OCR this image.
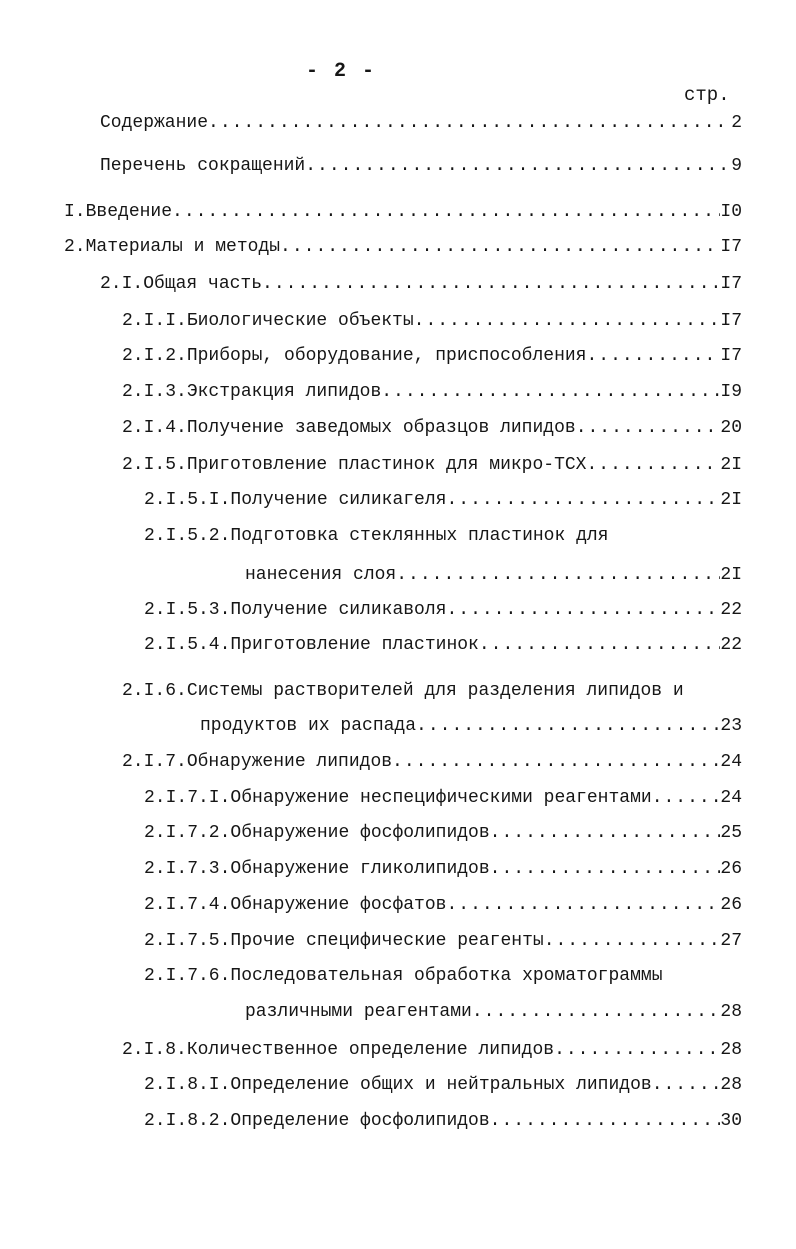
- 2 -
стр.
Содержание .....	2
Перечень сокращений .....	9
I. Введение .....	I0
2. Материалы и методы .....	I7
2.I. Общая часть .....	I7
2.I.I. Биологические объекты .....	I7
2.I.2. Приборы, оборудование, приспособления .....	I7
2.I.3. Экстракция липидов .....	I9
2.I.4. Получение заведомых образцов липидов .....	20
2.I.5. Приготовление пластинок для микро-ТСХ .....	2I
2.I.5.I. Получение силикагеля .....	2I
2.I.5.2. Подготовка стеклянных пластинок для
нанесения слоя .....	2I
2.I.5.3. Получение силикаволя .....	22
2.I.5.4. Приготовление пластинок .....	22
2.I.6. Системы растворителей для разделения липидов и
продуктов их распада .....	23
2.I.7. Обнаружение липидов .....	24
2.I.7.I. Обнаружение неспецифическими реагентами .....	24
2.I.7.2. Обнаружение фосфолипидов .....	25
2.I.7.3. Обнаружение гликолипидов .....	26
2.I.7.4. Обнаружение фосфатов .....	26
2.I.7.5. Прочие специфические реагенты .....	27
2.I.7.6. Последовательная обработка хроматограммы
различными реагентами .....	28
2.I.8. Количественное определение липидов .....	28
2.I.8.I. Определение общих и нейтральных липидов .....	28
2.I.8.2. Определение фосфолипидов .....	30
